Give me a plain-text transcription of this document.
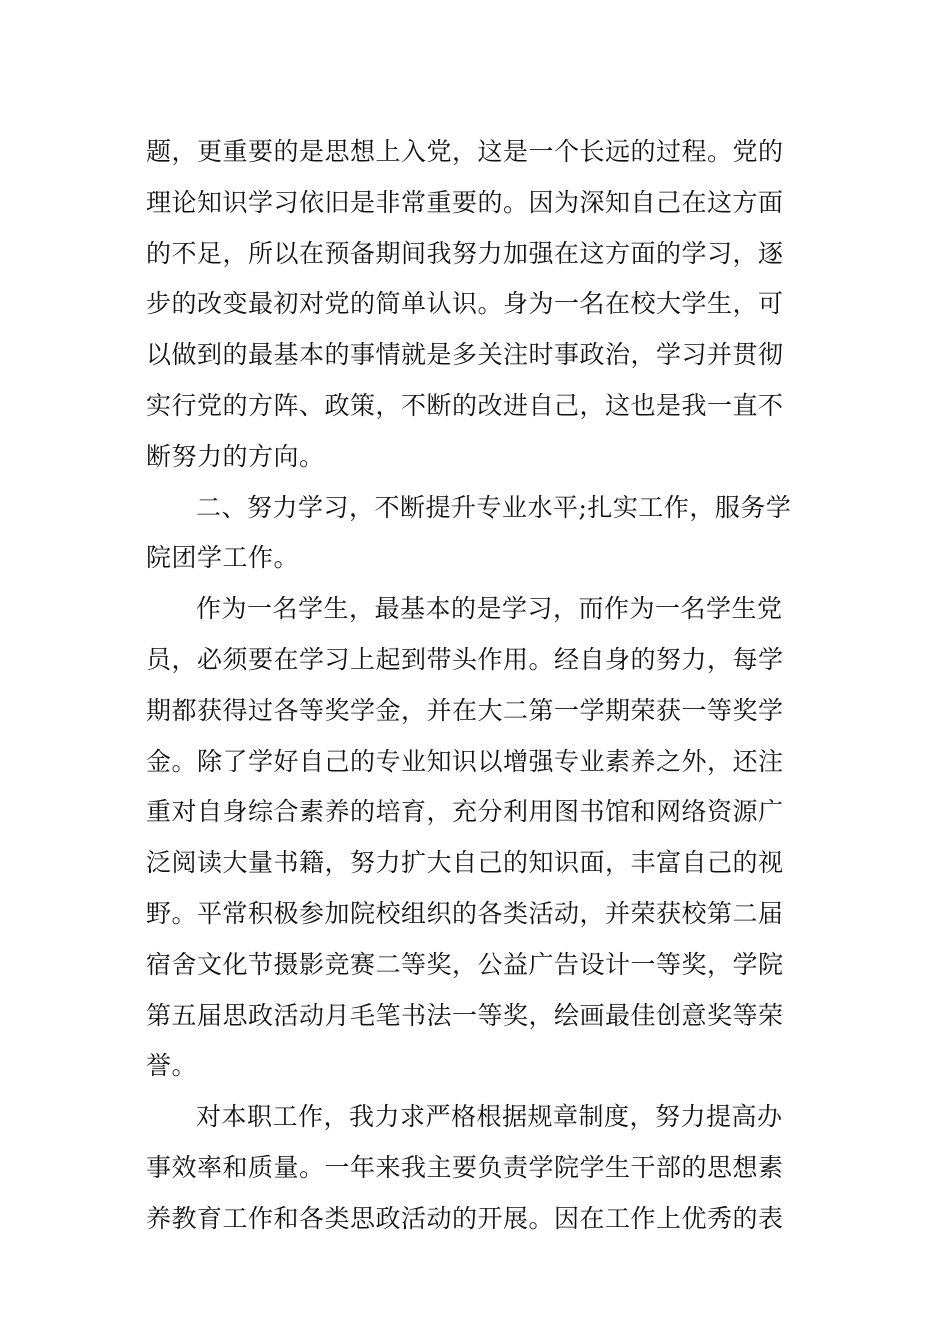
题，更重要的是思想上入党，这是一个长远的过程。党的
理论知识学习依旧是非常重要的。因为深知自己在这方面
的不足，所以在预备期间我努力加强在这方面的学习，逐
步的改变最初对党的简单认识。身为一名在校大学生，可
以做到的最基本的事情就是多关注时事政治，学习并贯彻
实行党的方阵、政策，不断的改进自己，这也是我一直不
断努力的方向。
二、努力学习，不断提升专业水平;扎实工作，服务学
院团学工作。
作为一名学生，最基本的是学习，而作为一名学生党
员，必须要在学习上起到带头作用。经自身的努力，每学
期都获得过各等奖学金，并在大二第一学期荣获一等奖学
金。除了学好自己的专业知识以增强专业素养之外，还注
重对自身综合素养的培育，充分利用图书馆和网络资源广
泛阅读大量书籍，努力扩大自己的知识面，丰富自己的视
野。平常积极参加院校组织的各类活动，并荣获校第二届
宿舍文化节摄影竞赛二等奖，公益广告设计一等奖，学院
第五届思政活动月毛笔书法一等奖，绘画最佳创意奖等荣
誉。
对本职工作，我力求严格根据规章制度，努力提高办
事效率和质量。一年来我主要负责学院学生干部的思想素
养教育工作和各类思政活动的开展。因在工作上优秀的表
